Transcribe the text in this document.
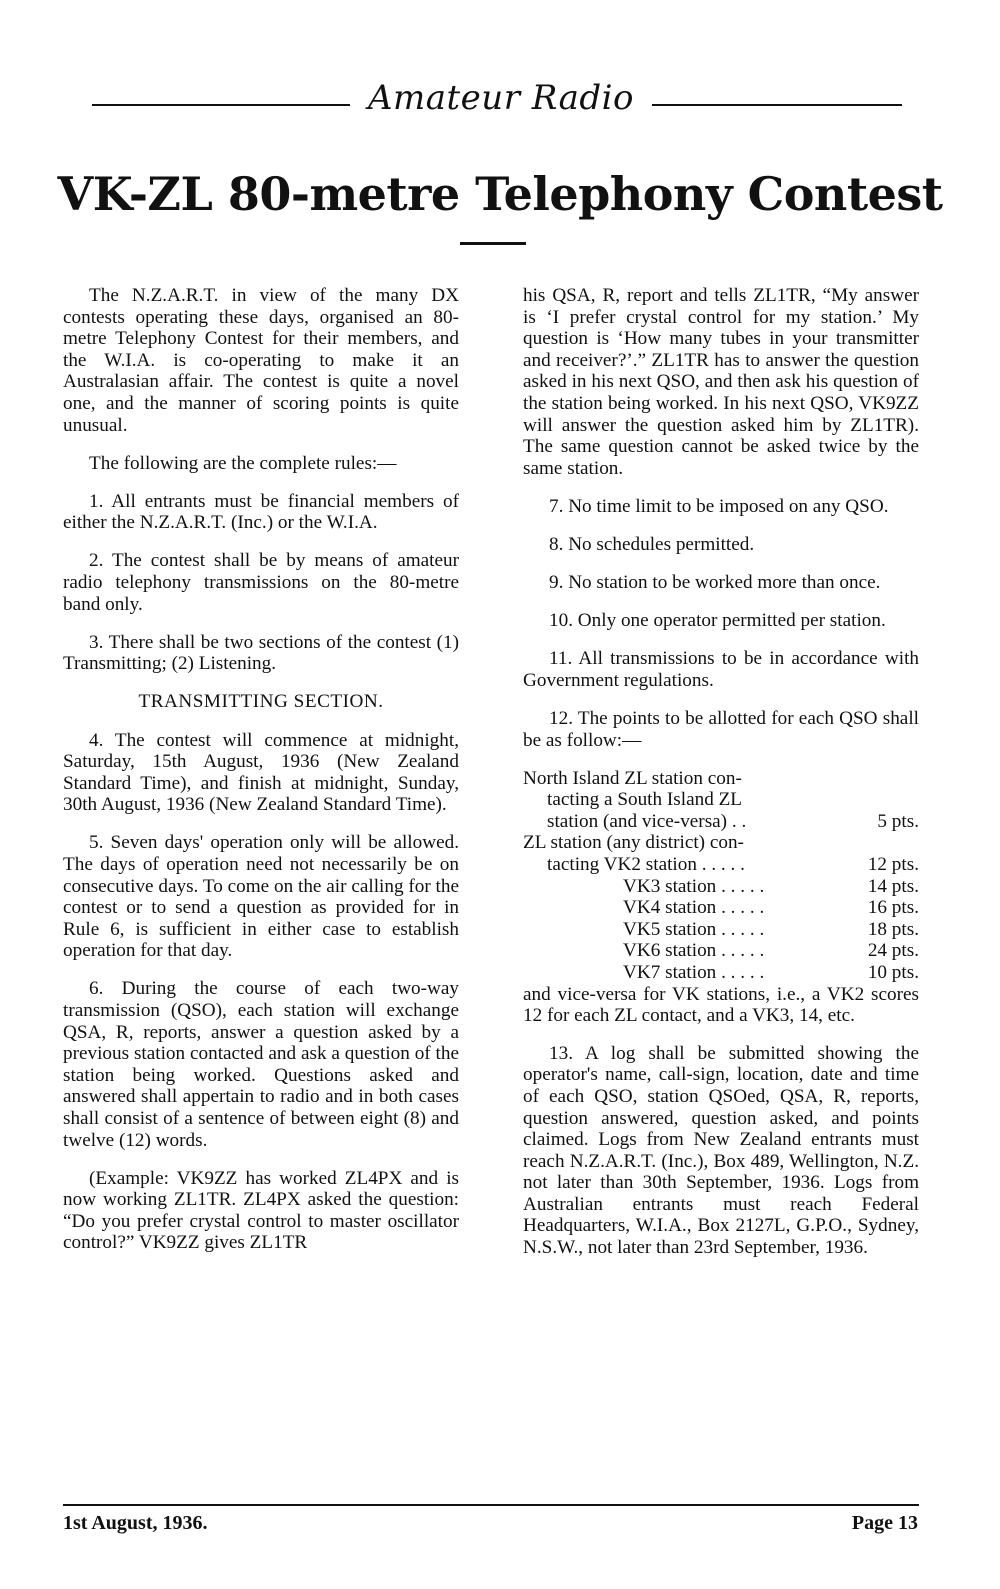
Amateur Radio
VK-ZL 80-metre Telephony Contest

The N.Z.A.R.T. in view of the many DX contests operating these days, organised an 80-metre Telephony Contest for their members, and the W.I.A. is co-operating to make it an Australasian affair. The contest is quite a novel one, and the manner of scoring points is quite unusual.

The following are the complete rules:—

1. All entrants must be financial members of either the N.Z.A.R.T. (Inc.) or the W.I.A.

2. The contest shall be by means of amateur radio telephony transmissions on the 80-metre band only.

3. There shall be two sections of the contest (1) Transmitting; (2) Listening.

TRANSMITTING SECTION.

4. The contest will commence at midnight, Saturday, 15th August, 1936 (New Zealand Standard Time), and finish at midnight, Sunday, 30th August, 1936 (New Zealand Standard Time).

5. Seven days' operation only will be allowed. The days of operation need not necessarily be on consecutive days. To come on the air calling for the contest or to send a question as provided for in Rule 6, is sufficient in either case to establish operation for that day.

6. During the course of each two-way transmission (QSO), each station will exchange QSA, R, reports, answer a question asked by a previous station contacted and ask a question of the station being worked. Questions asked and answered shall appertain to radio and in both cases shall consist of a sentence of between eight (8) and twelve (12) words.

(Example: VK9ZZ has worked ZL4PX and is now working ZL1TR. ZL4PX asked the question: “Do you prefer crystal control to master oscillator control?” VK9ZZ gives ZL1TR

his QSA, R, report and tells ZL1TR, “My answer is ‘I prefer crystal control for my station.’ My question is ‘How many tubes in your transmitter and receiver?’.” ZL1TR has to answer the question asked in his next QSO, and then ask his question of the station being worked. In his next QSO, VK9ZZ will answer the question asked him by ZL1TR). The same question cannot be asked twice by the same station.

7. No time limit to be imposed on any QSO.

8. No schedules permitted.

9. No station to be worked more than once.

10. Only one operator permitted per station.

11. All transmissions to be in accordance with Government regulations.

12. The points to be allotted for each QSO shall be as follow:—

North Island ZL station con-
tacting a South Island ZL
station (and vice-versa) . .	5 pts.
ZL station (any district) con-
tacting VK2 station . . . . .	12 pts.
VK3 station . . . . .	14 pts.
VK4 station . . . . .	16 pts.
VK5 station . . . . .	18 pts.
VK6 station . . . . .	24 pts.
VK7 station . . . . .	10 pts.
and vice-versa for VK stations, i.e., a VK2 scores 12 for each ZL contact, and a VK3, 14, etc.

13. A log shall be submitted showing the operator's name, call-sign, location, date and time of each QSO, station QSOed, QSA, R, reports, question answered, question asked, and points claimed. Logs from New Zealand entrants must reach N.Z.A.R.T. (Inc.), Box 489, Wellington, N.Z. not later than 30th September, 1936. Logs from Australian entrants must reach Federal Headquarters, W.I.A., Box 2127L, G.P.O., Sydney, N.S.W., not later than 23rd September, 1936.

1st August, 1936.	Page 13
